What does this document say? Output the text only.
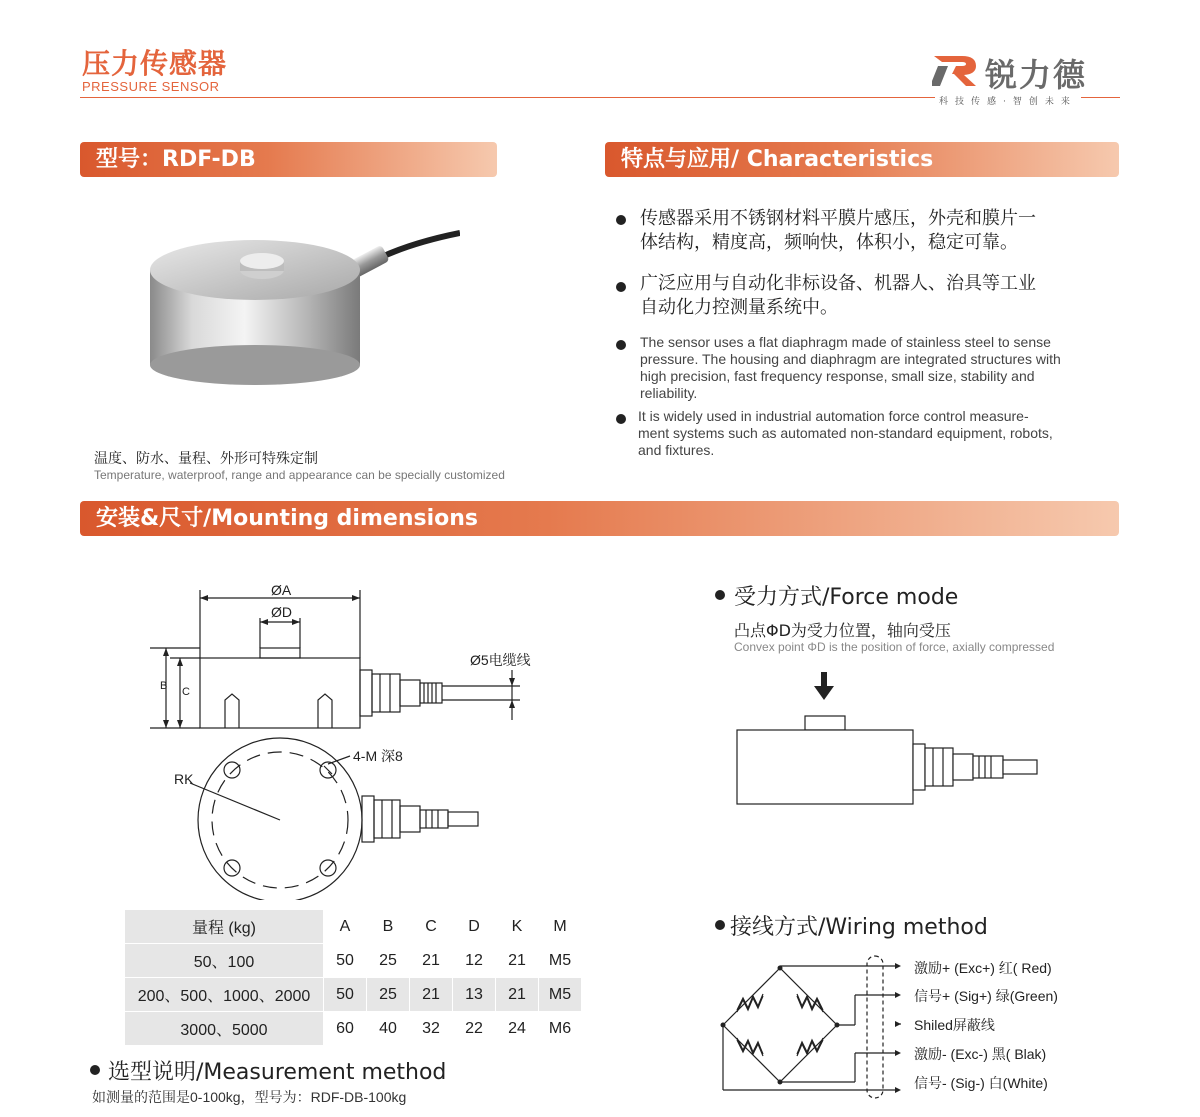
压力传感器
PRESSURE SENSOR	锐力德
科技传感·智创未来
型号：RDF-DB	特点与应用/ Characteristics
安装&尺寸/Mounting dimensions
温度、防水、量程、外形可特殊定制
Temperature, waterproof, range and appearance can be specially customized
传感器采用不锈钢材料平膜片感压，外壳和膜片一
体结构，精度高，频响快，体积小，稳定可靠。
广泛应用与自动化非标设备、机器人、治具等工业
自动化力控测量系统中。
The sensor uses a flat diaphragm made of stainless steel to sense
pressure. The housing and diaphragm are integrated structures with
high precision, fast frequency response, small size, stability and
reliability.
It is widely used in industrial automation force control measure-
ment systems such as automated non-standard equipment, robots,
and fixtures.
ØA
ØD
Ø5电缆线
B C
4-M 深8
RK
受力方式/Force mode
凸点ΦD为受力位置，轴向受压
Convex point ΦD is the position of force, axially compressed
量程 (kg)	A	B	C	D	K	M
50、100	50	25	21	12	21	M5
200、500、1000、2000	50	25	21	13	21	M5
3000、5000	60	40	32	22	24	M6
选型说明/Measurement method
如测量的范围是0-100kg，型号为：RDF-DB-100kg
接线方式/Wiring method
激励+ (Exc+) 红( Red)
信号+ (Sig+) 绿(Green)
Shiled屏蔽线
激励- (Exc-) 黑( Blak)
信号- (Sig-) 白(White)
